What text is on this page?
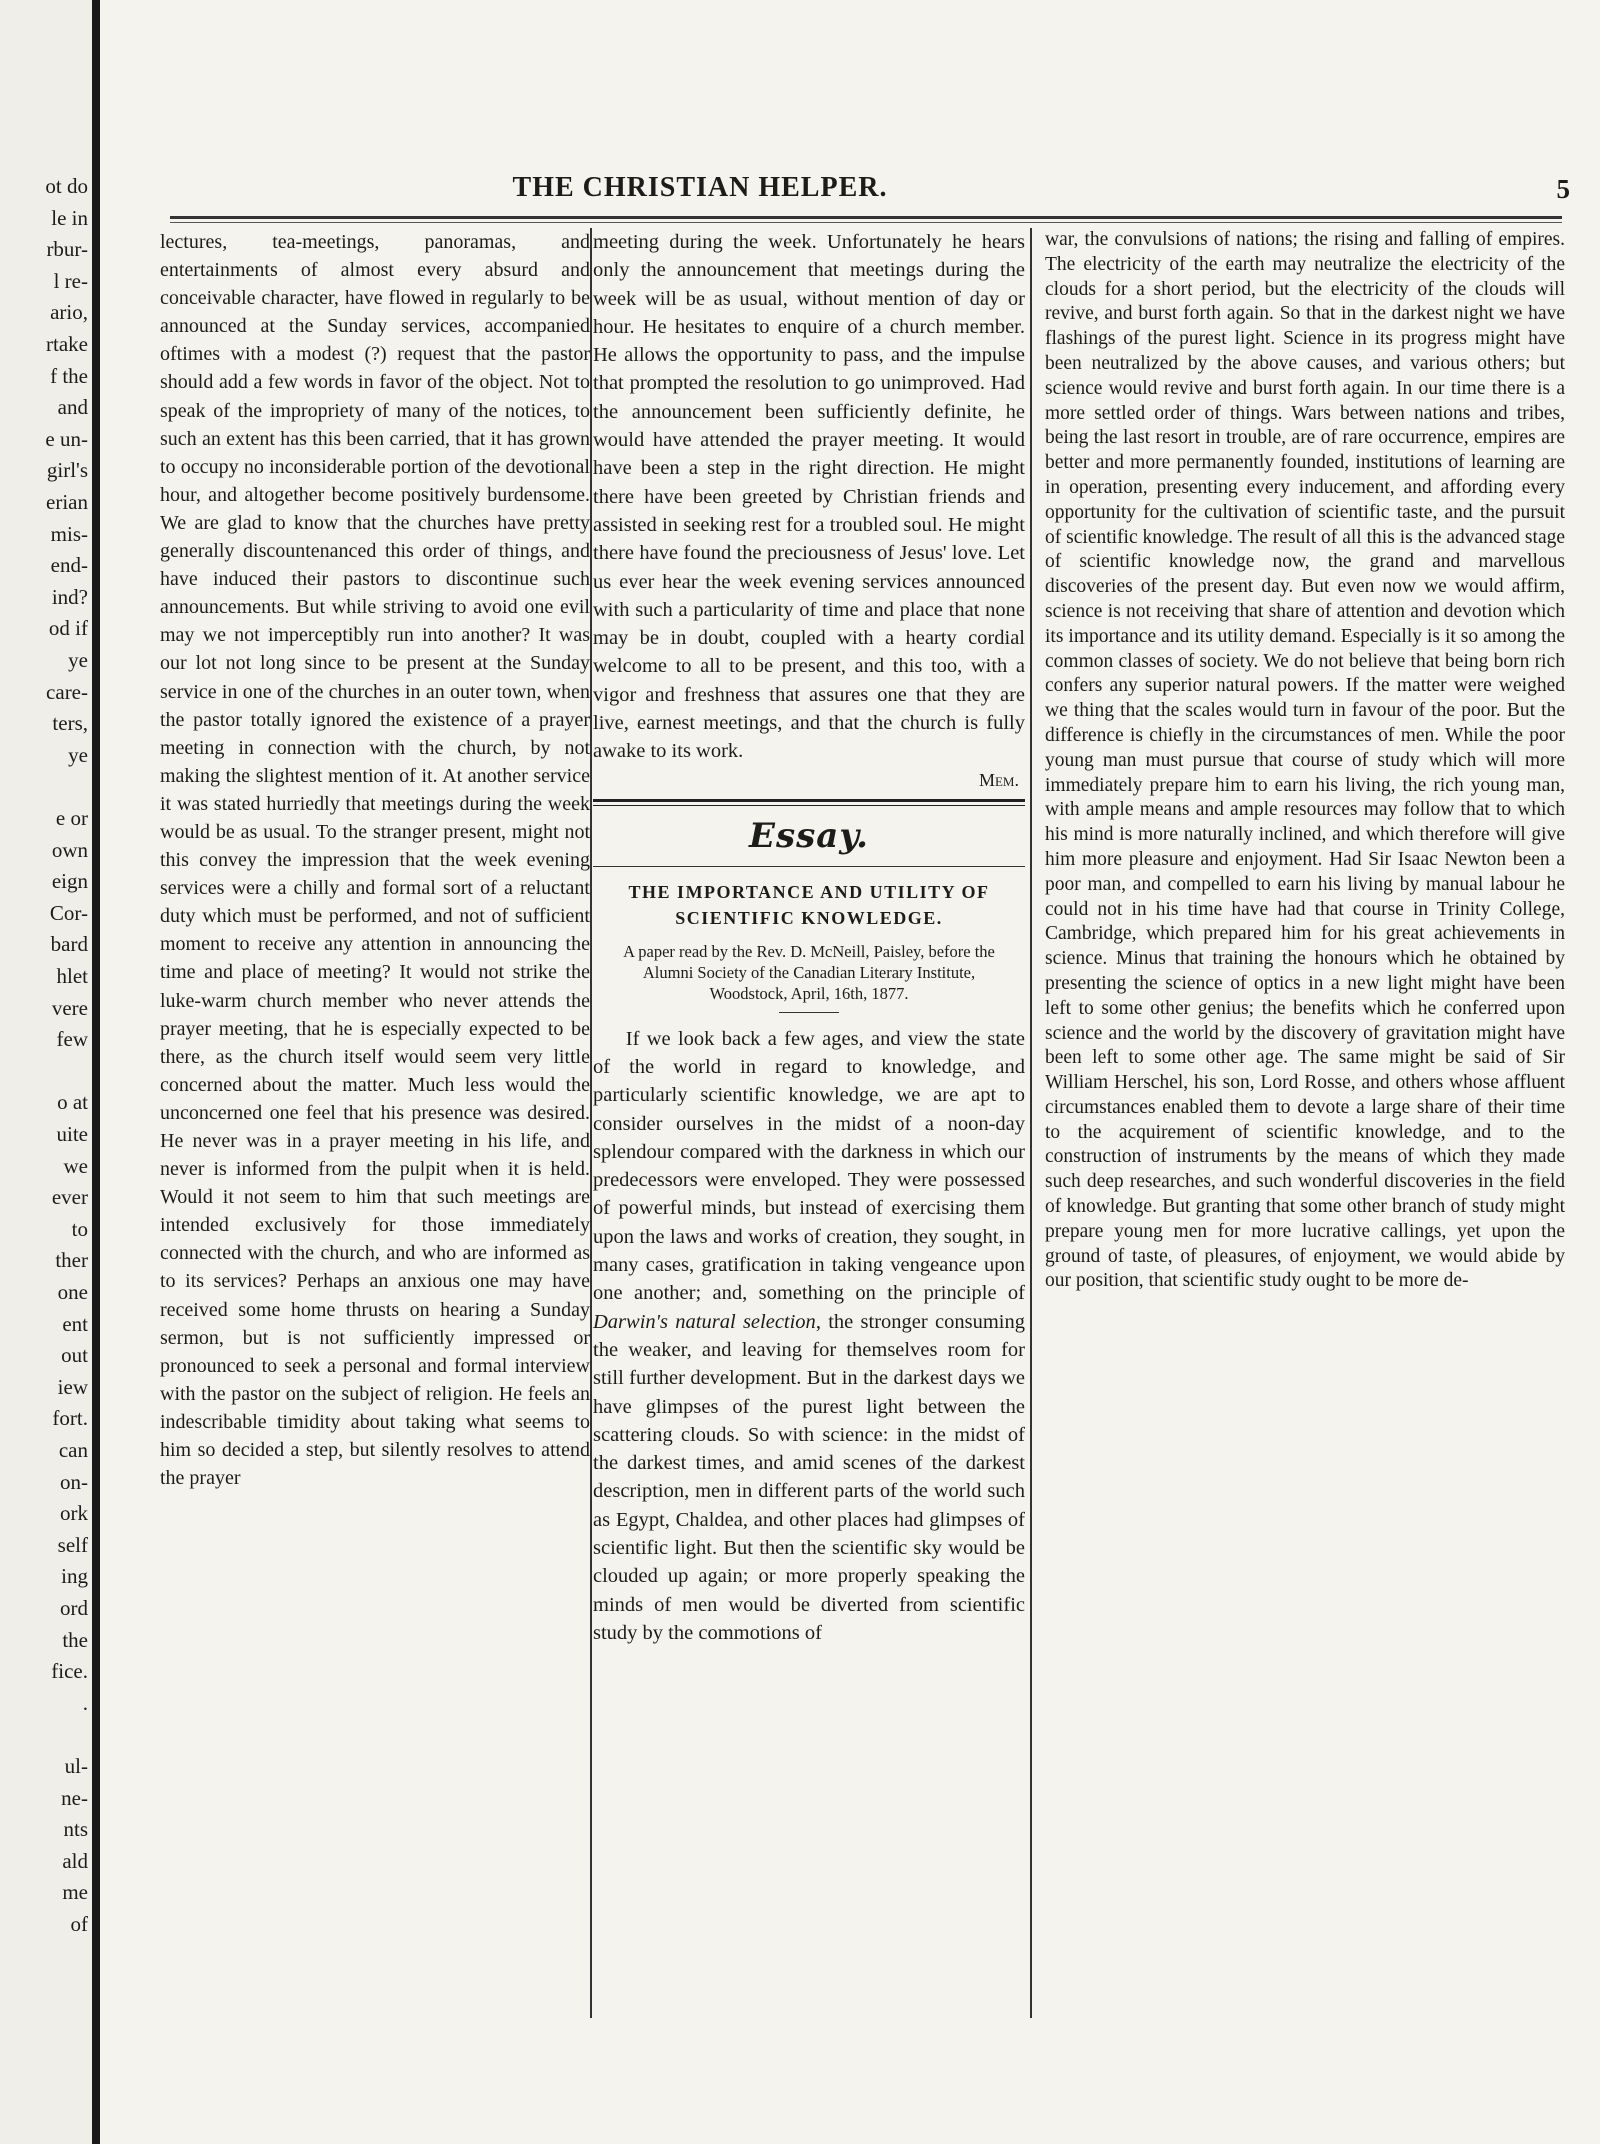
ot do
le in
rbur-
l re-
ario,
rtake
f the
and
e un-
girl's
erian
mis-
end-
ind?
od if
ye
care-
ters,
ye
e or
own
eign
Cor-
bard
hlet
vere
few
o at
uite
we
ever
to
ther
one
ent
out
iew
fort.
can
on-
ork
self
ing
ord
the
fice.
.
ul-
ne-
nts
ald
me
of
THE CHRISTIAN HELPER.	5

lectures, tea-meetings, panoramas, and entertainments of almost every absurd and conceivable character, have flowed in regularly to be announced at the Sunday services, accompanied oftimes with a modest (?) request that the pastor should add a few words in favor of the object. Not to speak of the impropriety of many of the notices, to such an extent has this been carried, that it has grown to occupy no inconsiderable portion of the devotional hour, and altogether become positively burdensome. We are glad to know that the churches have pretty generally discountenanced this order of things, and have induced their pastors to discontinue such announcements. But while striving to avoid one evil may we not imperceptibly run into another? It was our lot not long since to be present at the Sunday service in one of the churches in an outer town, when the pastor totally ignored the existence of a prayer meeting in connection with the church, by not making the slightest mention of it. At another service it was stated hurriedly that meetings during the week would be as usual. To the stranger present, might not this convey the impression that the week evening services were a chilly and formal sort of a reluctant duty which must be performed, and not of sufficient moment to receive any attention in announcing the time and place of meeting? It would not strike the luke-warm church member who never attends the prayer meeting, that he is especially expected to be there, as the church itself would seem very little concerned about the matter. Much less would the unconcerned one feel that his presence was desired. He never was in a prayer meeting in his life, and never is informed from the pulpit when it is held. Would it not seem to him that such meetings are intended exclusively for those immediately connected with the church, and who are informed as to its services? Perhaps an anxious one may have received some home thrusts on hearing a Sunday sermon, but is not sufficiently impressed or pronounced to seek a personal and formal interview with the pastor on the subject of religion. He feels an indescribable timidity about taking what seems to him so decided a step, but silently resolves to attend the prayer

meeting during the week. Unfortunately he hears only the announcement that meetings during the week will be as usual, without mention of day or hour. He hesitates to enquire of a church member. He allows the opportunity to pass, and the impulse that prompted the resolution to go unimproved. Had the announcement been sufficiently definite, he would have attended the prayer meeting. It would have been a step in the right direction. He might there have been greeted by Christian friends and assisted in seeking rest for a troubled soul. He might there have found the preciousness of Jesus' love. Let us ever hear the week evening services announced with such a particularity of time and place that none may be in doubt, coupled with a hearty cordial welcome to all to be present, and this too, with a vigor and freshness that assures one that they are live, earnest meetings, and that the church is fully awake to its work.

Mem.
Essay.
THE IMPORTANCE AND UTILITY OF SCIENTIFIC KNOWLEDGE.
A paper read by the Rev. D. McNeill, Paisley, before the Alumni Society of the Canadian Literary Institute, Woodstock, April, 16th, 1877.

If we look back a few ages, and view the state of the world in regard to knowledge, and particularly scientific knowledge, we are apt to consider ourselves in the midst of a noon-day splendour compared with the darkness in which our predecessors were enveloped. They were possessed of powerful minds, but instead of exercising them upon the laws and works of creation, they sought, in many cases, gratification in taking vengeance upon one another; and, something on the principle of Darwin's natural selection, the stronger consuming the weaker, and leaving for themselves room for still further development. But in the darkest days we have glimpses of the purest light between the scattering clouds. So with science: in the midst of the darkest times, and amid scenes of the darkest description, men in different parts of the world such as Egypt, Chaldea, and other places had glimpses of scientific light. But then the scientific sky would be clouded up again; or more properly speaking the minds of men would be diverted from scientific study by the commotions of

war, the convulsions of nations; the rising and falling of empires. The electricity of the earth may neutralize the electricity of the clouds for a short period, but the electricity of the clouds will revive, and burst forth again. So that in the darkest night we have flashings of the purest light. Science in its progress might have been neutralized by the above causes, and various others; but science would revive and burst forth again. In our time there is a more settled order of things. Wars between nations and tribes, being the last resort in trouble, are of rare occurrence, empires are better and more permanently founded, institutions of learning are in operation, presenting every inducement, and affording every opportunity for the cultivation of scientific taste, and the pursuit of scientific knowledge. The result of all this is the advanced stage of scientific knowledge now, the grand and marvellous discoveries of the present day. But even now we would affirm, science is not receiving that share of attention and devotion which its importance and its utility demand. Especially is it so among the common classes of society. We do not believe that being born rich confers any superior natural powers. If the matter were weighed we thing that the scales would turn in favour of the poor. But the difference is chiefly in the circumstances of men. While the poor young man must pursue that course of study which will more immediately prepare him to earn his living, the rich young man, with ample means and ample resources may follow that to which his mind is more naturally inclined, and which therefore will give him more pleasure and enjoyment. Had Sir Isaac Newton been a poor man, and compelled to earn his living by manual labour he could not in his time have had that course in Trinity College, Cambridge, which prepared him for his great achievements in science. Minus that training the honours which he obtained by presenting the science of optics in a new light might have been left to some other genius; the benefits which he conferred upon science and the world by the discovery of gravitation might have been left to some other age. The same might be said of Sir William Herschel, his son, Lord Rosse, and others whose affluent circumstances enabled them to devote a large share of their time to the acquirement of scientific knowledge, and to the construction of instruments by the means of which they made such deep researches, and such wonderful discoveries in the field of knowledge. But granting that some other branch of study might prepare young men for more lucrative callings, yet upon the ground of taste, of pleasures, of enjoyment, we would abide by our position, that scientific study ought to be more de-
